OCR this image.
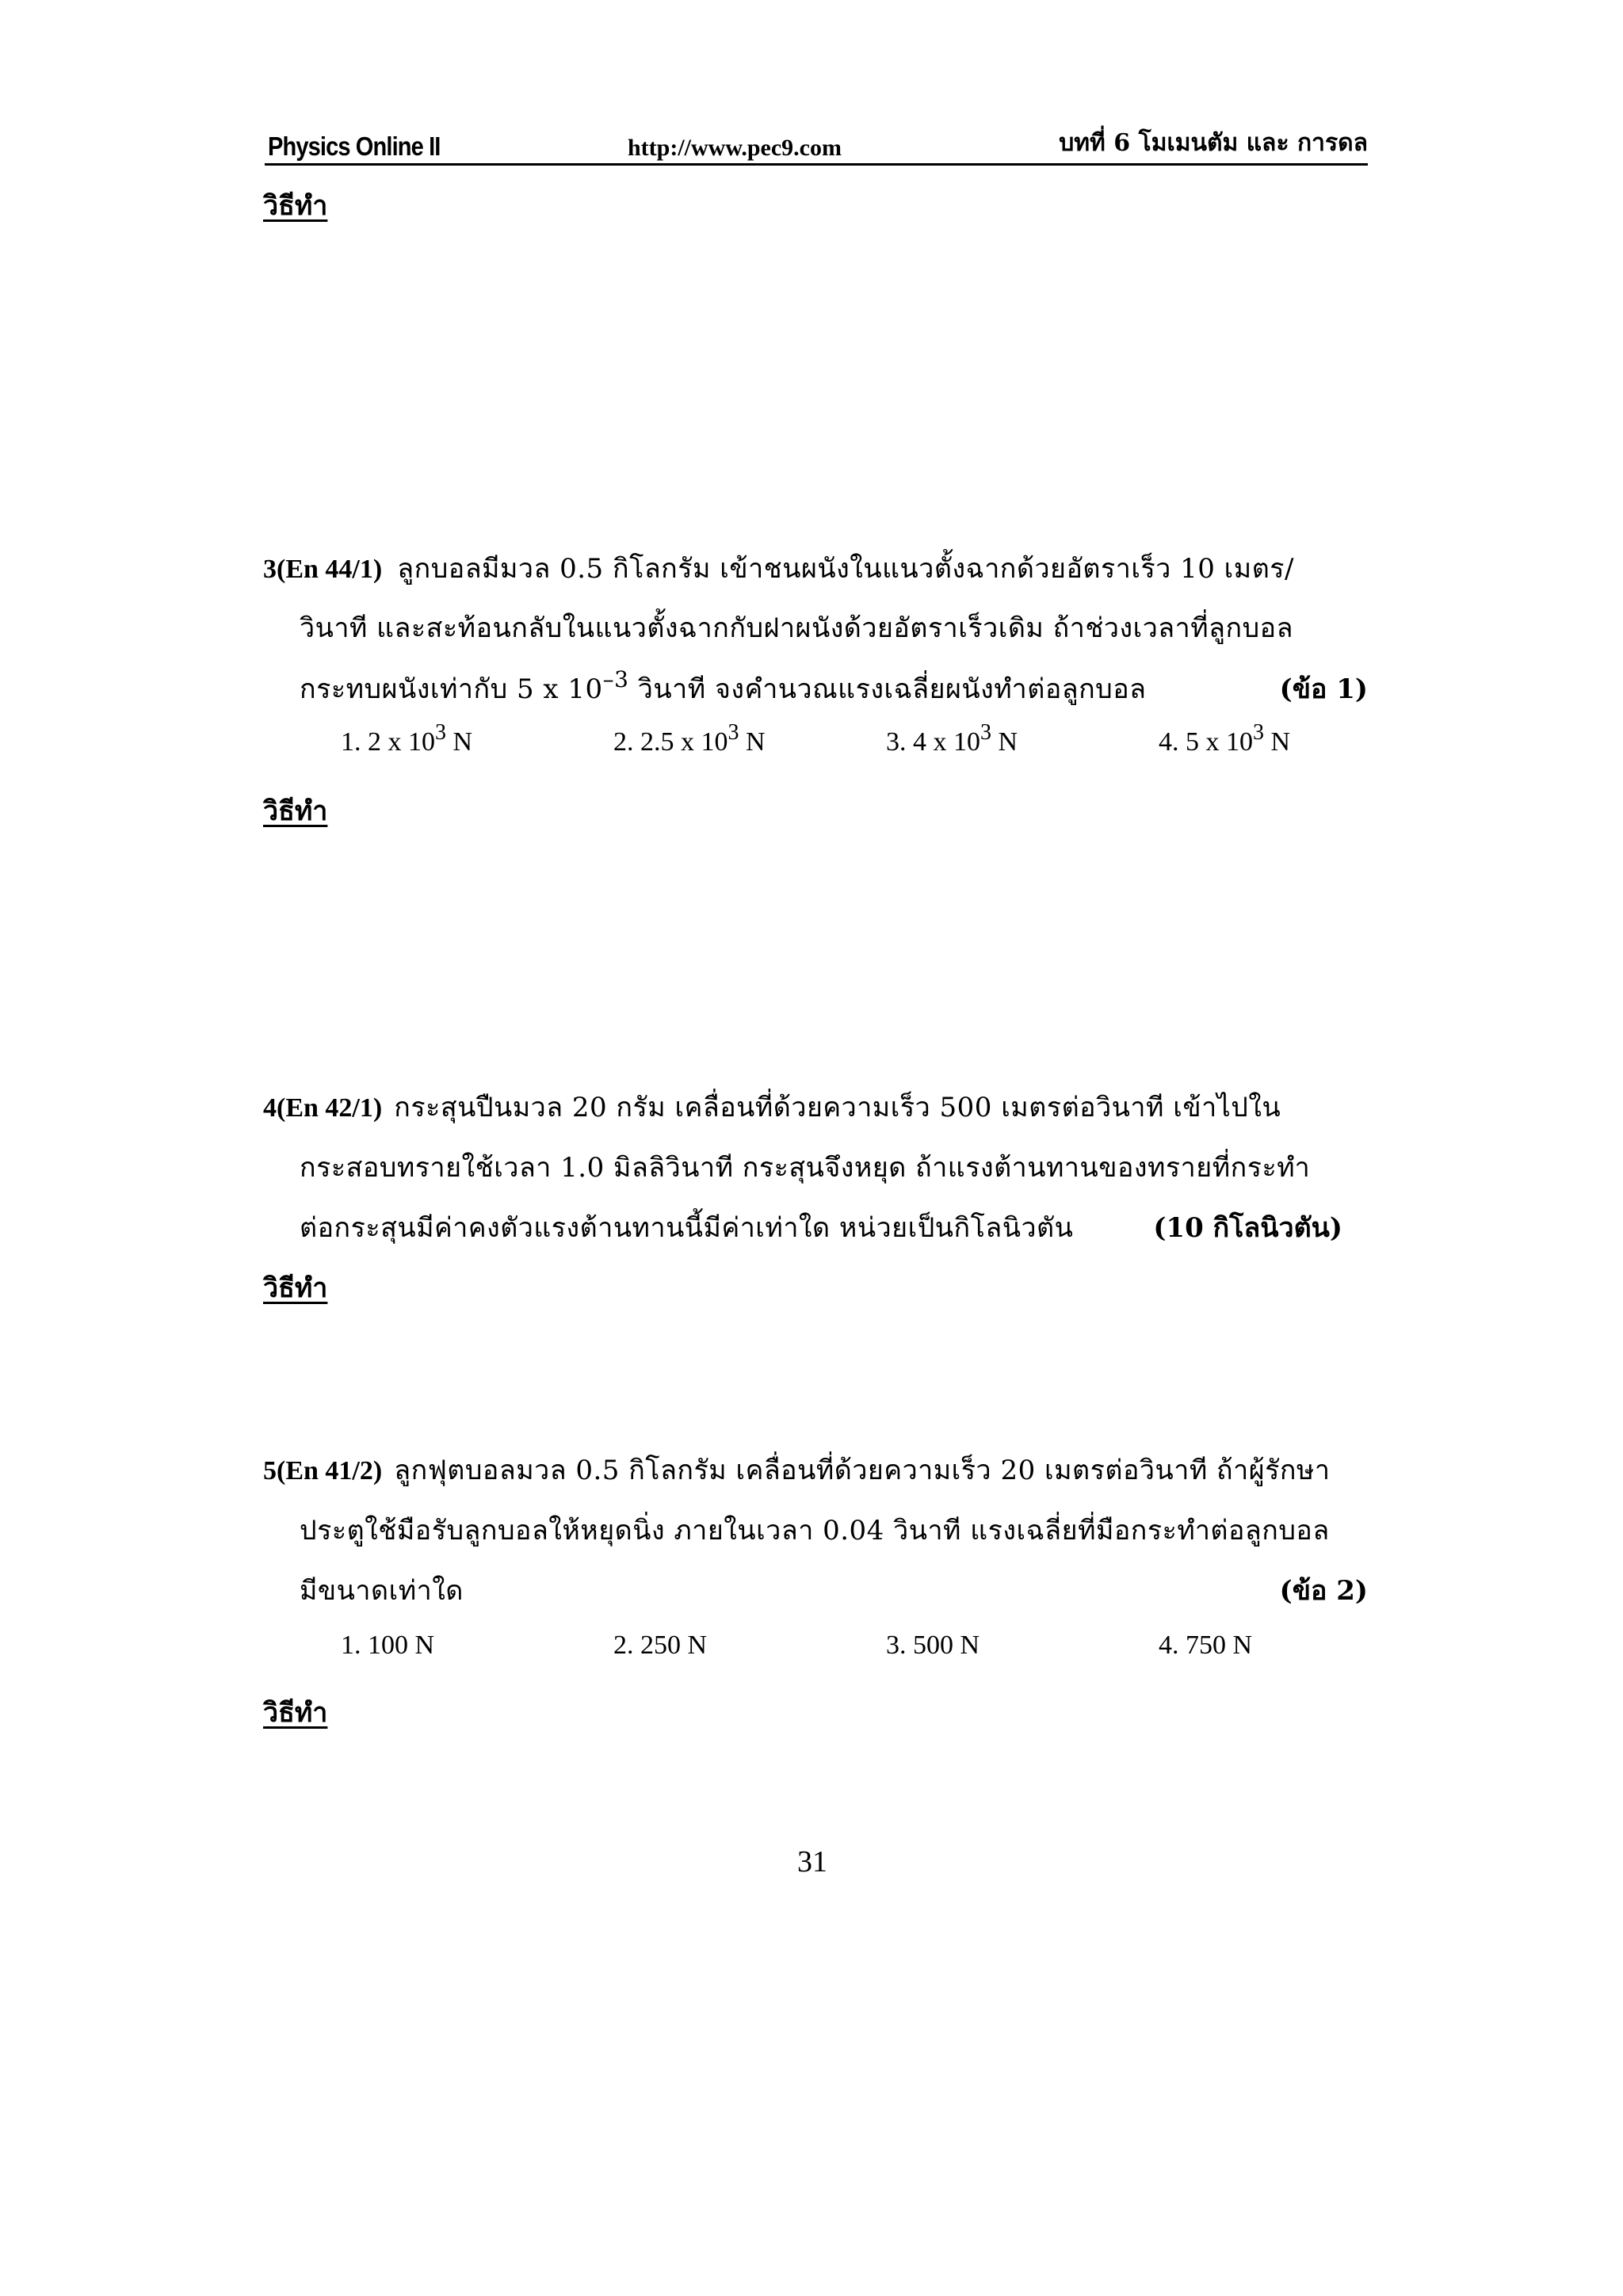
Physics Online II	http://www.pec9.com	บทที่ 6 โมเมนตัม และ การดล
วิธีทำ
3(En 44/1) ลูกบอลมีมวล 0.5 กิโลกรัม เข้าชนผนังในแนวตั้งฉากด้วยอัตราเร็ว 10 เมตร/
วินาที และสะท้อนกลับในแนวตั้งฉากกับฝาผนังด้วยอัตราเร็วเดิม ถ้าช่วงเวลาที่ลูกบอล
กระทบผนังเท่ากับ 5 x $10^{-3}$ วินาที จงคำนวณแรงเฉลี่ยผนังทำต่อลูกบอล	(ข้อ 1)
1. 2 x $10^3$ N	2. 2.5 x $10^3$ N	3. 4 x $10^3$ N	4. 5 x $10^3$ N
วิธีทำ
4(En 42/1) กระสุนปืนมวล 20 กรัม เคลื่อนที่ด้วยความเร็ว 500 เมตรต่อวินาที เข้าไปใน
กระสอบทรายใช้เวลา 1.0 มิลลิวินาที กระสุนจึงหยุด ถ้าแรงต้านทานของทรายที่กระทำ
ต่อกระสุนมีค่าคงตัวแรงต้านทานนี้มีค่าเท่าใด หน่วยเป็นกิโลนิวตัน	(10 กิโลนิวตัน)
วิธีทำ
5(En 41/2) ลูกฟุตบอลมวล 0.5 กิโลกรัม เคลื่อนที่ด้วยความเร็ว 20 เมตรต่อวินาที ถ้าผู้รักษา
ประตูใช้มือรับลูกบอลให้หยุดนิ่ง ภายในเวลา 0.04 วินาที แรงเฉลี่ยที่มือกระทำต่อลูกบอล
มีขนาดเท่าใด	(ข้อ 2)
1. 100 N	2. 250 N	3. 500 N	4. 750 N
วิธีทำ
31
